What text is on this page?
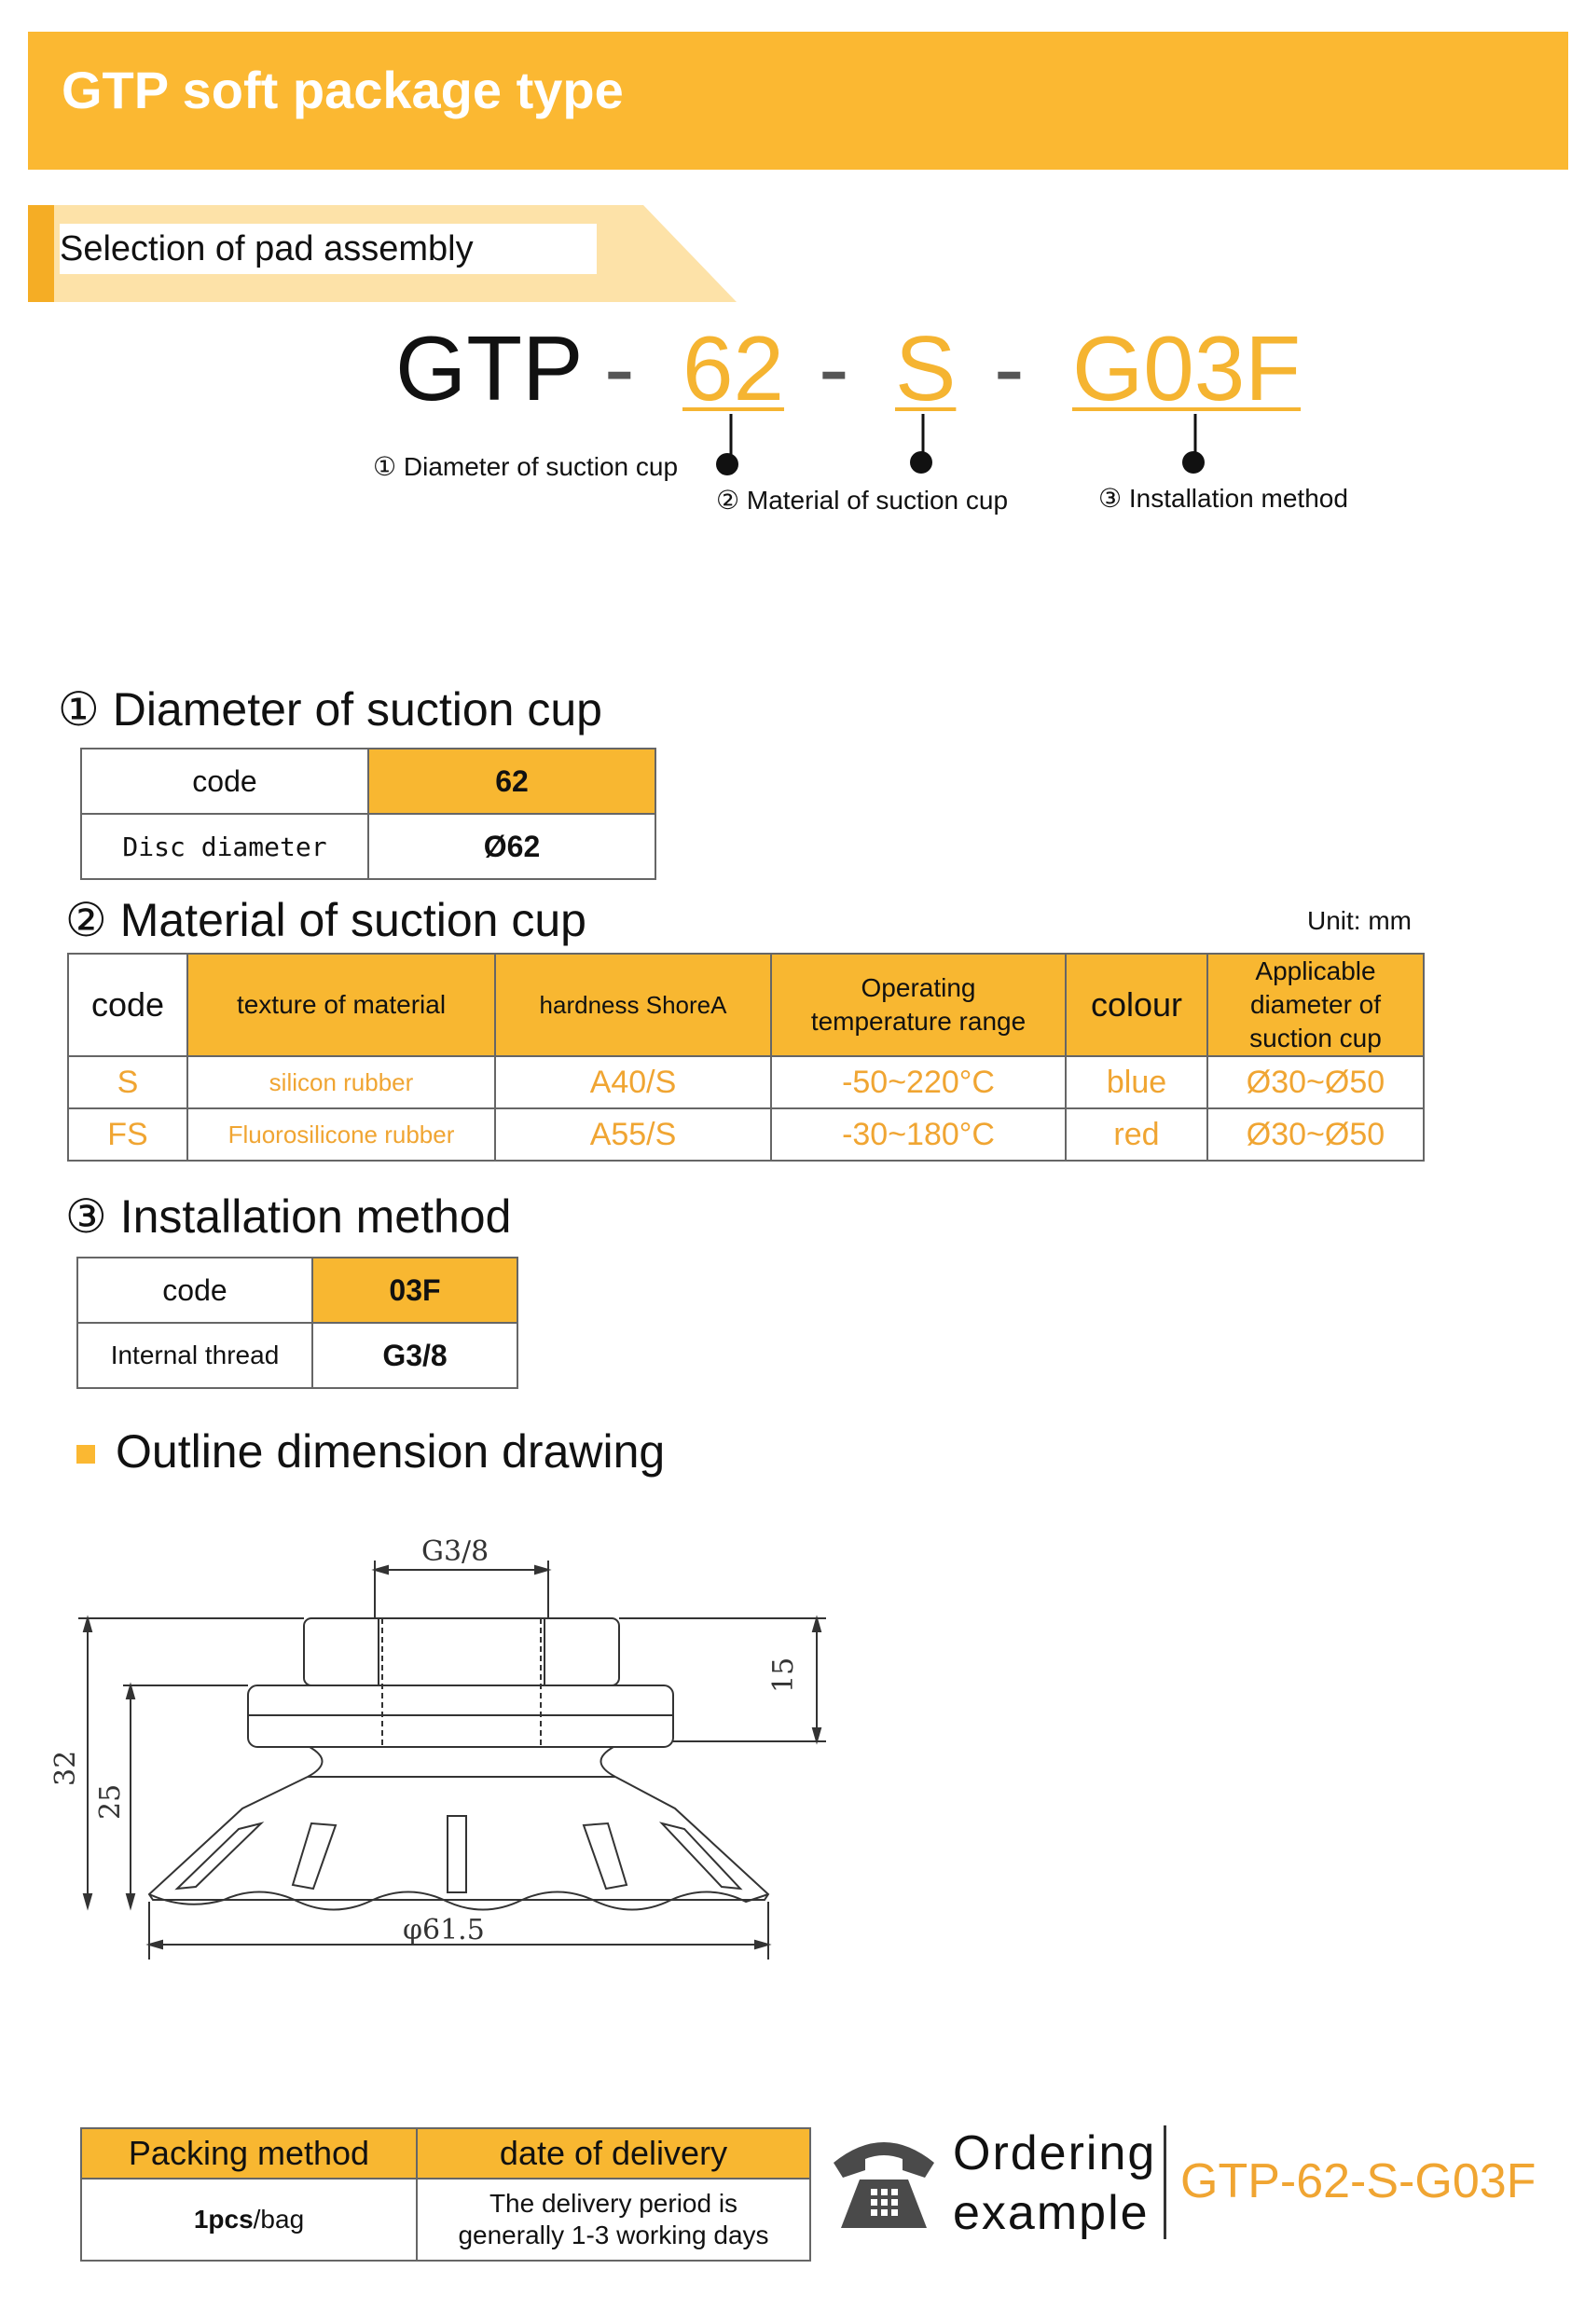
GTP soft package type
Selection of pad assembly
GTP - 62 - S - G03F
① Diameter of suction cup
② Material of suction cup	③ Installation method
① Diameter of suction cup
code	62
Disc diameter	Ø62
② Material of suction cup	Unit: mm
code	texture of material	hardness ShoreA	Operating temperature range	colour	Applicable diameter of suction cup
S	silicon rubber	A40/S	-50~220°C	blue	Ø30~Ø50
FS	Fluorosilicone rubber	A55/S	-30~180°C	red	Ø30~Ø50
③ Installation method
code	03F
Internal thread	G3/8
Outline dimension drawing
G3/8
15
32
25
φ61.5
Packing method	date of delivery
1pcs/bag	The delivery period is
generally 1-3 working days
Ordering
example
GTP-62-S-G03F
